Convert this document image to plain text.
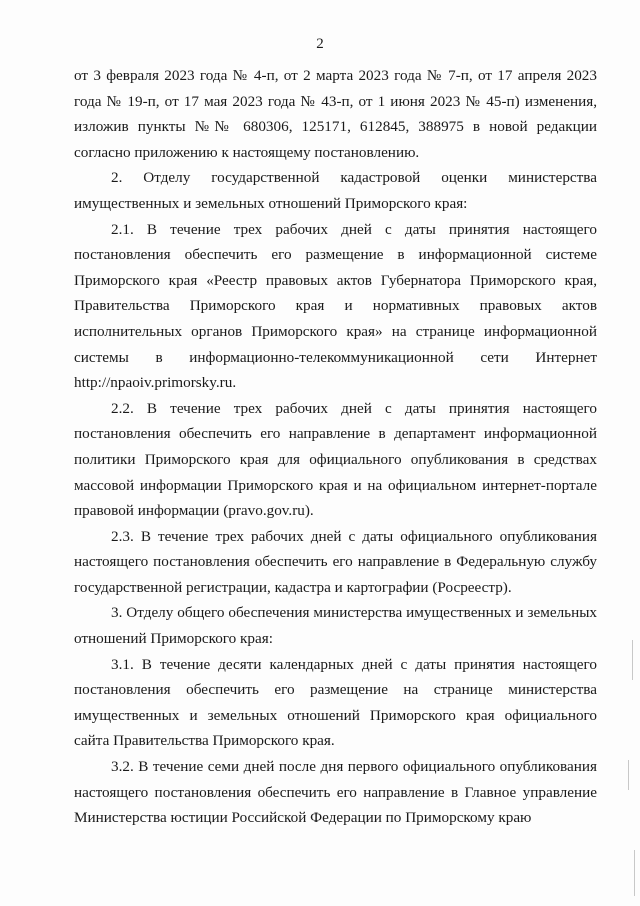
2

от 3 февраля 2023 года № 4-п, от 2 марта 2023 года № 7-п, от 17 апреля 2023 года № 19-п, от 17 мая 2023 года № 43-п, от 1 июня 2023 № 45-п) изменения, изложив пункты №№ 680306, 125171, 612845, 388975 в новой редакции согласно приложению к настоящему постановлению.

2. Отделу государственной кадастровой оценки министерства имущественных и земельных отношений Приморского края:

2.1. В течение трех рабочих дней с даты принятия настоящего постановления обеспечить его размещение в информационной системе Приморского края «Реестр правовых актов Губернатора Приморского края, Правительства Приморского края и нормативных правовых актов исполнительных органов Приморского края» на странице информационной системы в информационно-телекоммуникационной сети Интернет http://npaoiv.primorsky.ru.

2.2. В течение трех рабочих дней с даты принятия настоящего постановления обеспечить его направление в департамент информационной политики Приморского края для официального опубликования в средствах массовой информации Приморского края и на официальном интернет-портале правовой информации (pravo.gov.ru).

2.3. В течение трех рабочих дней с даты официального опубликования настоящего постановления обеспечить его направление в Федеральную службу государственной регистрации, кадастра и картографии (Росреестр).

3. Отделу общего обеспечения министерства имущественных и земельных отношений Приморского края:

3.1. В течение десяти календарных дней с даты принятия настоящего постановления обеспечить его размещение на странице министерства имущественных и земельных отношений Приморского края официального сайта Правительства Приморского края.

3.2. В течение семи дней после дня первого официального опубликования настоящего постановления обеспечить его направление в Главное управление Министерства юстиции Российской Федерации по Приморскому краю
